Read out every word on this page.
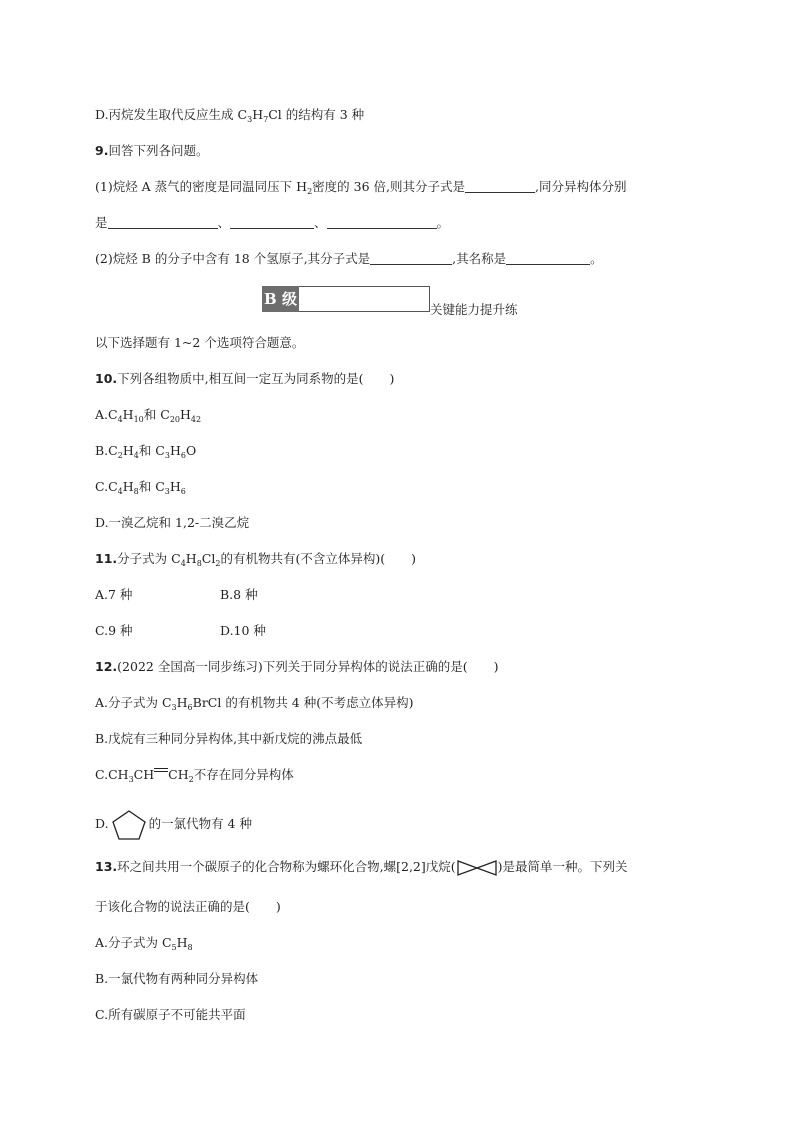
D.丙烷发生取代反应生成 $C_3H_7Cl$ 的结构有 3 种
9.回答下列各问题。
(1)烷烃 A 蒸气的密度是同温同压下 $H_2$密度的 36 倍,则其分子式是	,同分异构体分别
是	、	、	。
(2)烷烃 B 的分子中含有 18 个氢原子,其分子式是	,其名称是	。
B 级
关键能力提升练
以下选择题有 1~2 个选项符合题意。
10.下列各组物质中,相互间一定互为同系物的是( )
$A.C_4H_{10}$和 $C_{20}H_{42}$
$B.C_2H_4$和 $C_3H_6O$
$C.C_4H_8$和 $C_3H_6$
D.一溴乙烷和 1,2-二溴乙烷
11.分子式为 $C_4H_8Cl_2$的有机物共有(不含立体异构)( )
A.7 种	B.8 种
C.9 种	D.10 种
12.(2022 全国高一同步练习)下列关于同分异构体的说法正确的是( )
A.分子式为 $C_3H_6BrCl$ 的有机物共 4 种(不考虑立体异构)
B.戊烷有三种同分异构体,其中新戊烷的沸点最低
$C.CH_3CH$ $CH_2$不存在同分异构体
D.	的一氯代物有 4 种
13.环之间共用一个碳原子的化合物称为螺环化合物,螺[2,2]戊烷(	)是最简单一种。下列关
于该化合物的说法正确的是( )
A.分子式为 $C_5H_8$
B.一氯代物有两种同分异构体
C.所有碳原子不可能共平面
